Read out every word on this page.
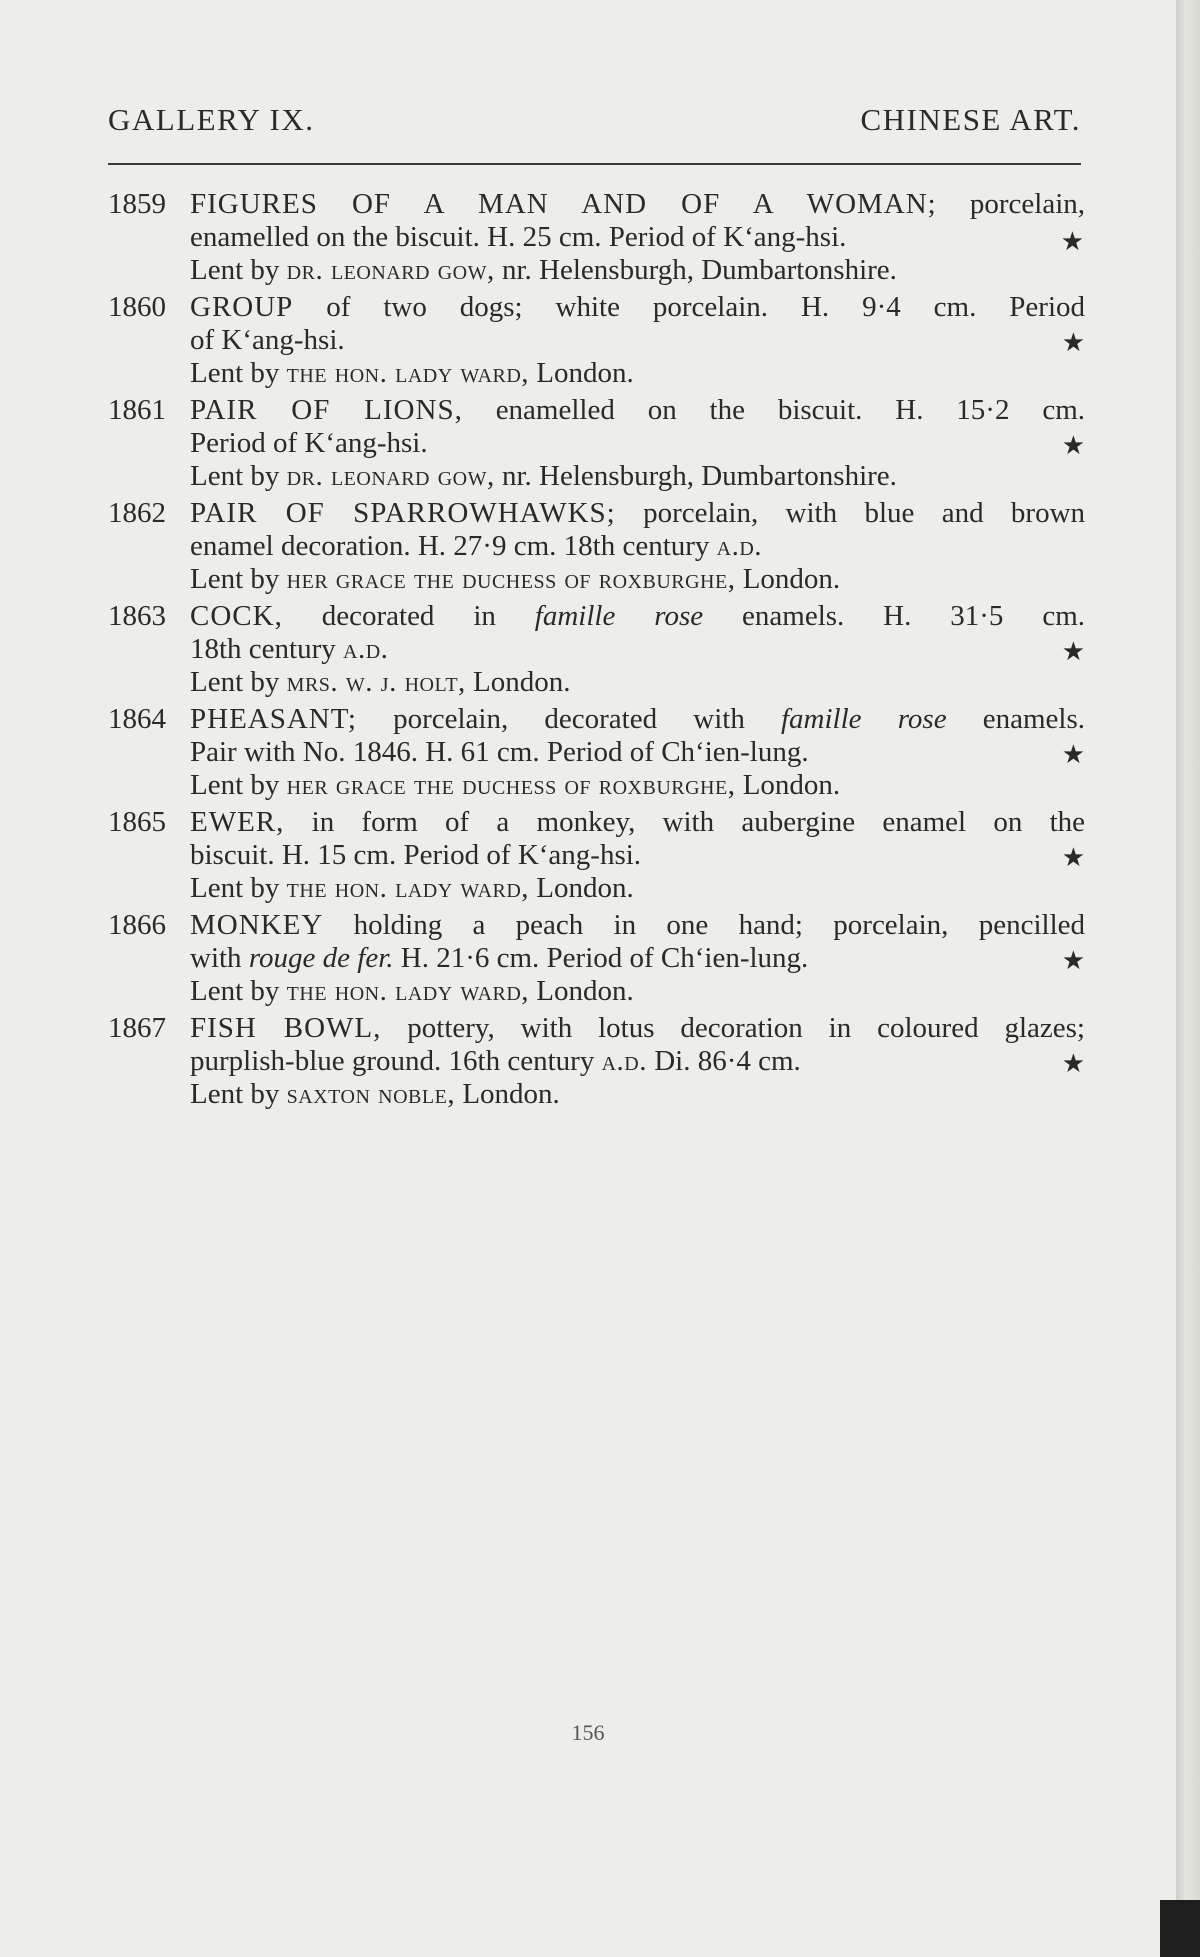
GALLERY IX.	CHINESE ART.
1859 FIGURES OF A MAN AND OF A WOMAN; porcelain,
enamelled on the biscuit. H. 25 cm. Period of K‘ang-hsi.	★
Lent by dr. leonard gow, nr. Helensburgh, Dumbartonshire.
1860 GROUP of two dogs; white porcelain. H. 9·4 cm. Period
of K‘ang-hsi.	★
Lent by the hon. lady ward, London.
1861 PAIR OF LIONS, enamelled on the biscuit. H. 15·2 cm.
Period of K‘ang-hsi.	★
Lent by dr. leonard gow, nr. Helensburgh, Dumbartonshire.
1862 PAIR OF SPARROWHAWKS; porcelain, with blue and brown
enamel decoration. H. 27·9 cm. 18th century a.d.
Lent by her grace the duchess of roxburghe, London.
1863 COCK, decorated in famille rose enamels. H. 31·5 cm.
18th century a.d.	★
Lent by mrs. w. j. holt, London.
1864 PHEASANT; porcelain, decorated with famille rose enamels.
Pair with No. 1846. H. 61 cm. Period of Ch‘ien-lung.	★
Lent by her grace the duchess of roxburghe, London.
1865 EWER, in form of a monkey, with aubergine enamel on the
biscuit. H. 15 cm. Period of K‘ang-hsi.	★
Lent by the hon. lady ward, London.
1866 MONKEY holding a peach in one hand; porcelain, pencilled
with rouge de fer. H. 21·6 cm. Period of Ch‘ien-lung.	★
Lent by the hon. lady ward, London.
1867 FISH BOWL, pottery, with lotus decoration in coloured glazes;
purplish-blue ground. 16th century a.d. Di. 86·4 cm.	★
Lent by saxton noble, London.
156
